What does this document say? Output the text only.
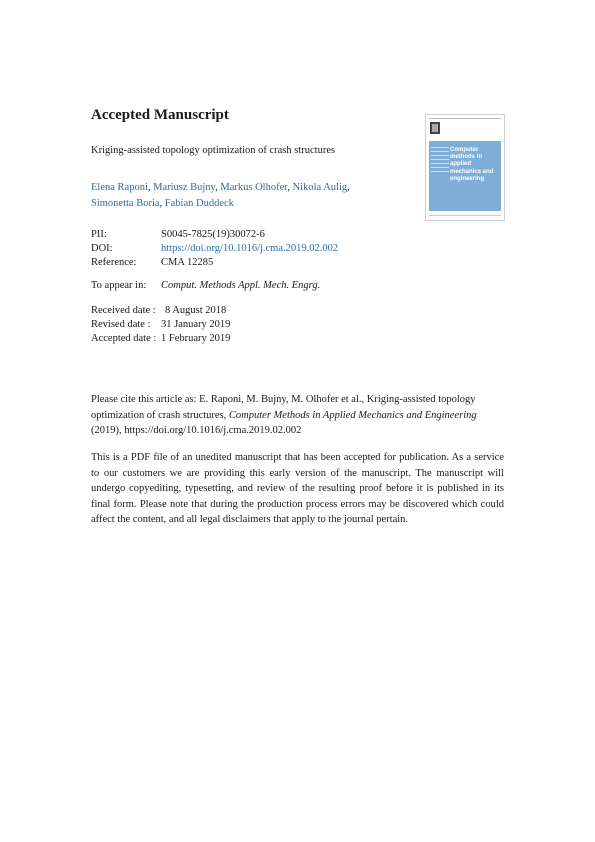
Accepted Manuscript
Kriging-assisted topology optimization of crash structures
Elena Raponi, Mariusz Bujny, Markus Olhofer, Nikola Aulig,
Simonetta Boria, Fabian Duddeck
PII:	S0045-7825(19)30072-6
DOI:	https://doi.org/10.1016/j.cma.2019.02.002
Reference: CMA 12285
To appear in: Comput. Methods Appl. Mech. Engrg.
Received date : 8 August 2018
Revised date : 31 January 2019
Accepted date : 1 February 2019
Please cite this article as: E. Raponi, M. Bujny, M. Olhofer et al., Kriging-assisted topology optimization of crash structures, Computer Methods in Applied Mechanics and Engineering (2019), https://doi.org/10.1016/j.cma.2019.02.002
This is a PDF file of an unedited manuscript that has been accepted for publication. As a service to our customers we are providing this early version of the manuscript. The manuscript will undergo copyediting, typesetting, and review of the resulting proof before it is published in its final form. Please note that during the production process errors may be discovered which could affect the content, and all legal disclaimers that apply to the journal pertain.
Computer methods in applied mechanics and engineering
